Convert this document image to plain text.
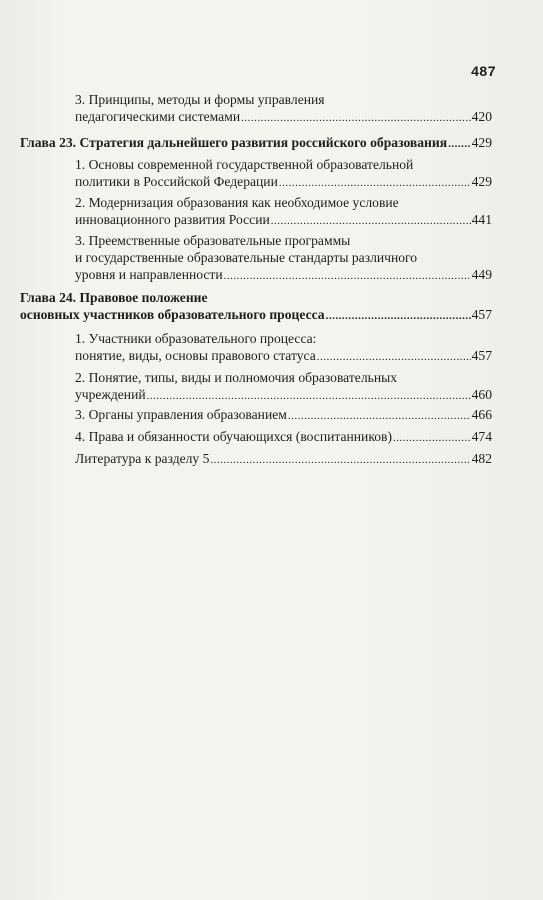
487
3. Принципы, методы и формы управления
педагогическими системами .....	420
Глава 23. Стратегия дальнейшего развития российского образования ..... 429
1. Основы современной государственной образовательной
политики в Российской Федерации .....	429
2. Модернизация образования как необходимое условие
инновационного развития России .....	441
3. Преемственные образовательные программы
и государственные образовательные стандарты различного
уровня и направленности .....	449
Глава 24. Правовое положение
основных участников образовательного процесса .....	457
1. Участники образовательного процесса:
понятие, виды, основы правового статуса .....	457
2. Понятие, типы, виды и полномочия образовательных
учреждений .....	460
3. Органы управления образованием .....	466
4. Права и обязанности обучающихся (воспитанников) .....	474
Литература к разделу 5 .....	482
